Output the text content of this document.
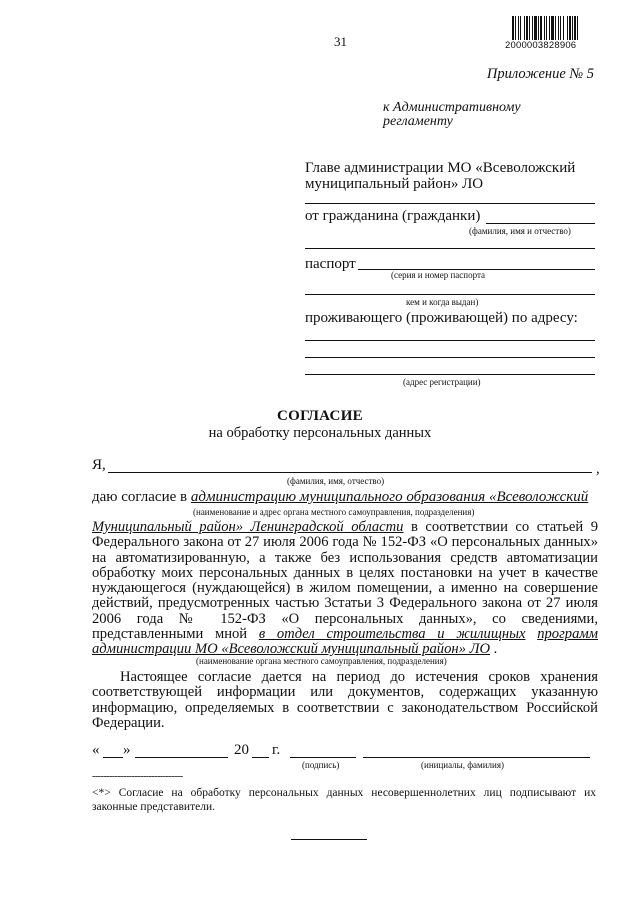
31	2000003828906
Приложение № 5
к Административному
регламенту
Главе администрации МО «Всеволожский
муниципальный район» ЛО
от гражданина (гражданки)
(фамилия, имя и отчество)
паспорт
(серия и номер паспорта
кем и когда выдан)
проживающего (проживающей) по адресу:
(адрес регистрации)
СОГЛАСИЕ
на обработку персональных данных
Я,	,
(фамилия, имя, отчество)
даю согласие в администрацию муниципального образования «Всеволожский
(наименование и адрес органа местного самоуправления, подразделения)
Муниципальный район» Ленинградской области в соответствии со статьей 9 Федерального закона от 27 июля 2006 года № 152-ФЗ «О персональных данных» на автоматизированную, а также без использования средств автоматизации обработку моих персональных данных в целях постановки на учет в качестве нуждающегося (нуждающейся) в жилом помещении, а именно на совершение действий, предусмотренных частью 3статьи 3 Федерального закона от 27 июля 2006 года № 152-ФЗ «О персональных данных», со сведениями, представленными мной в отдел строительства и жилищных программ администрации МО «Всеволожский муниципальный район» ЛО .
(наименование органа местного самоуправления, подразделения)
Настоящее согласие дается на период до истечения сроков хранения соответствующей информации или документов, содержащих указанную информацию, определяемых в соответствии с законодательством Российской Федерации.
« »	20 г.
(подпись)	(инициалы, фамилия)
--------------------------------
<*> Согласие на обработку персональных данных несовершеннолетних лиц подписывают их законные представители.
